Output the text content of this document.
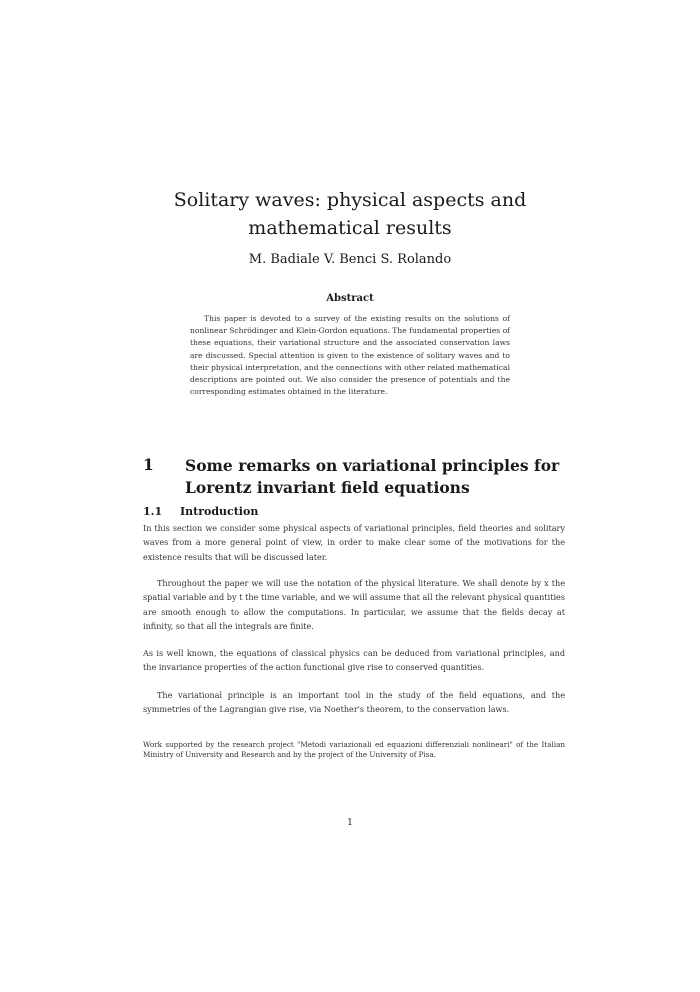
Solitary waves: physical aspects and mathematical results

M. Badiale V. Benci S. Rolando

Abstract

This paper is devoted to a survey of the existing results on the solutions of nonlinear Schrödinger and Klein-Gordon equations. The fundamental properties of these equations, their variational structure and the associated conservation laws are discussed. Special attention is given to the existence of solitary waves and to their physical interpretation, and the connections with other related mathematical descriptions are pointed out. We also consider the presence of potentials and the corresponding estimates obtained in the literature.

1 Some remarks on variational principles for Lorentz invariant field equations
1.1 Introduction

In this section we consider some physical aspects of variational principles, field theories and solitary waves from a more general point of view, in order to make clear some of the motivations for the existence results that will be discussed later.

Throughout the paper we will use the notation of the physical literature. We shall denote by x the spatial variable and by t the time variable, and we will assume that all the relevant physical quantities are smooth enough to allow the computations. In particular, we assume that the fields decay at infinity, so that all the integrals are finite.

As is well known, the equations of classical physics can be deduced from variational principles, and the invariance properties of the action functional give rise to conserved quantities.

The variational principle is an important tool in the study of the field equations, and the symmetries of the Lagrangian give rise, via Noether's theorem, to the conservation laws.

Work supported by the research project "Metodi variazionali ed equazioni differenziali nonlineari" of the Italian Ministry of University and Research and by the project of the University of Pisa.

1
